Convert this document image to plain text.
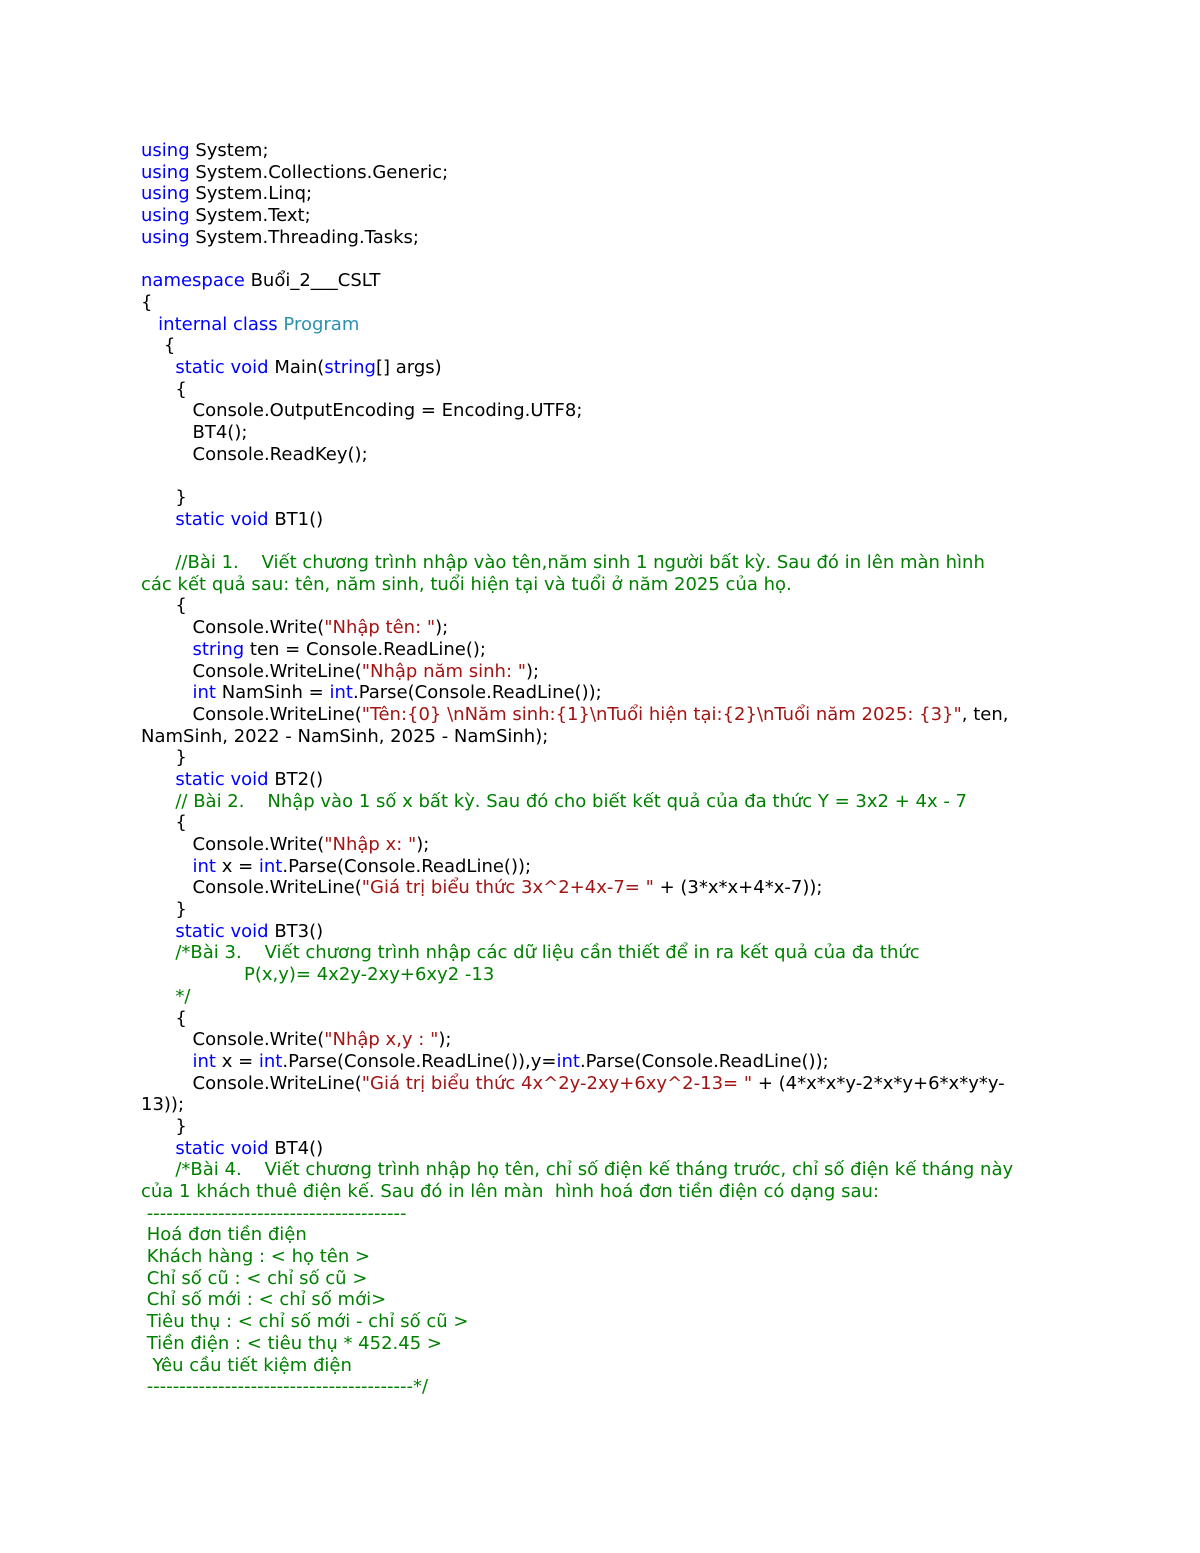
using System;
using System.Collections.Generic;
using System.Linq;
using System.Text;
using System.Threading.Tasks;
namespace Buổi_2___CSLT
{
internal class Program
{
static void Main(string[] args)
{
Console.OutputEncoding = Encoding.UTF8;
BT4();
Console.ReadKey();
}
static void BT1()
//Bài 1.    Viết chương trình nhập vào tên,năm sinh 1 người bất kỳ. Sau đó in lên màn hình
các kết quả sau: tên, năm sinh, tuổi hiện tại và tuổi ở năm 2025 của họ.
{
Console.Write("Nhập tên: ");
string ten = Console.ReadLine();
Console.WriteLine("Nhập năm sinh: ");
int NamSinh = int.Parse(Console.ReadLine());
Console.WriteLine("Tên:{0} \nNăm sinh:{1}\nTuổi hiện tại:{2}\nTuổi năm 2025: {3}", ten,
NamSinh, 2022 - NamSinh, 2025 - NamSinh);
}
static void BT2()
// Bài 2.    Nhập vào 1 số x bất kỳ. Sau đó cho biết kết quả của đa thức Y = 3x2 + 4x - 7
{
Console.Write("Nhập x: ");
int x = int.Parse(Console.ReadLine());
Console.WriteLine("Giá trị biểu thức 3x^2+4x-7= " + (3*x*x+4*x-7));
}
static void BT3()
/*Bài 3.    Viết chương trình nhập các dữ liệu cần thiết để in ra kết quả của đa thức
P(x,y)= 4x2y-2xy+6xy2 -13
*/
{
Console.Write("Nhập x,y : ");
int x = int.Parse(Console.ReadLine()),y=int.Parse(Console.ReadLine());
Console.WriteLine("Giá trị biểu thức 4x^2y-2xy+6xy^2-13= " + (4*x*x*y-2*x*y+6*x*y*y-
13));
}
static void BT4()
/*Bài 4.    Viết chương trình nhập họ tên, chỉ số điện kế tháng trước, chỉ số điện kế tháng này
của 1 khách thuê điện kế. Sau đó in lên màn  hình hoá đơn tiền điện có dạng sau:
----------------------------------------
Hoá đơn tiền điện
Khách hàng : < họ tên >
Chỉ số cũ : < chỉ số cũ >
Chỉ số mới : < chỉ số mới>
Tiêu thụ : < chỉ số mới - chỉ số cũ >
Tiền điện : < tiêu thụ * 452.45 >
Yêu cầu tiết kiệm điện
-----------------------------------------*/
